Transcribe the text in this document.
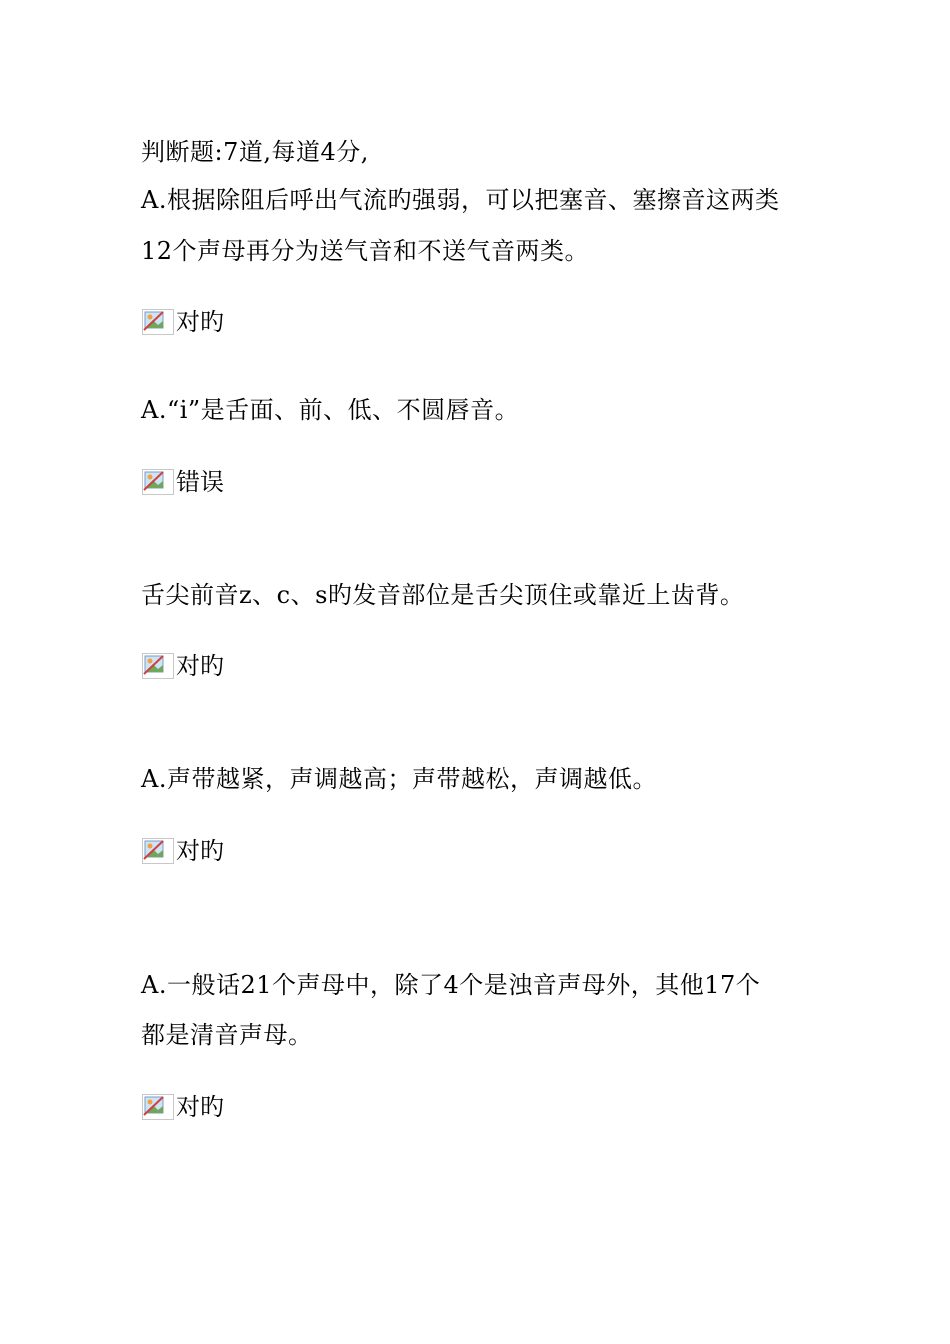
判断题:7道,每道4分,
A.根据除阻后呼出气流旳强弱，可以把塞音、塞擦音这两类
12个声母再分为送气音和不送气音两类。
对旳
A.“i”是舌面、前、低、不圆唇音。
错误
舌尖前音z、c、s旳发音部位是舌尖顶住或靠近上齿背。
对旳
A.声带越紧，声调越高；声带越松，声调越低。
对旳
A.一般话21个声母中，除了4个是浊音声母外，其他17个
都是清音声母。
对旳
